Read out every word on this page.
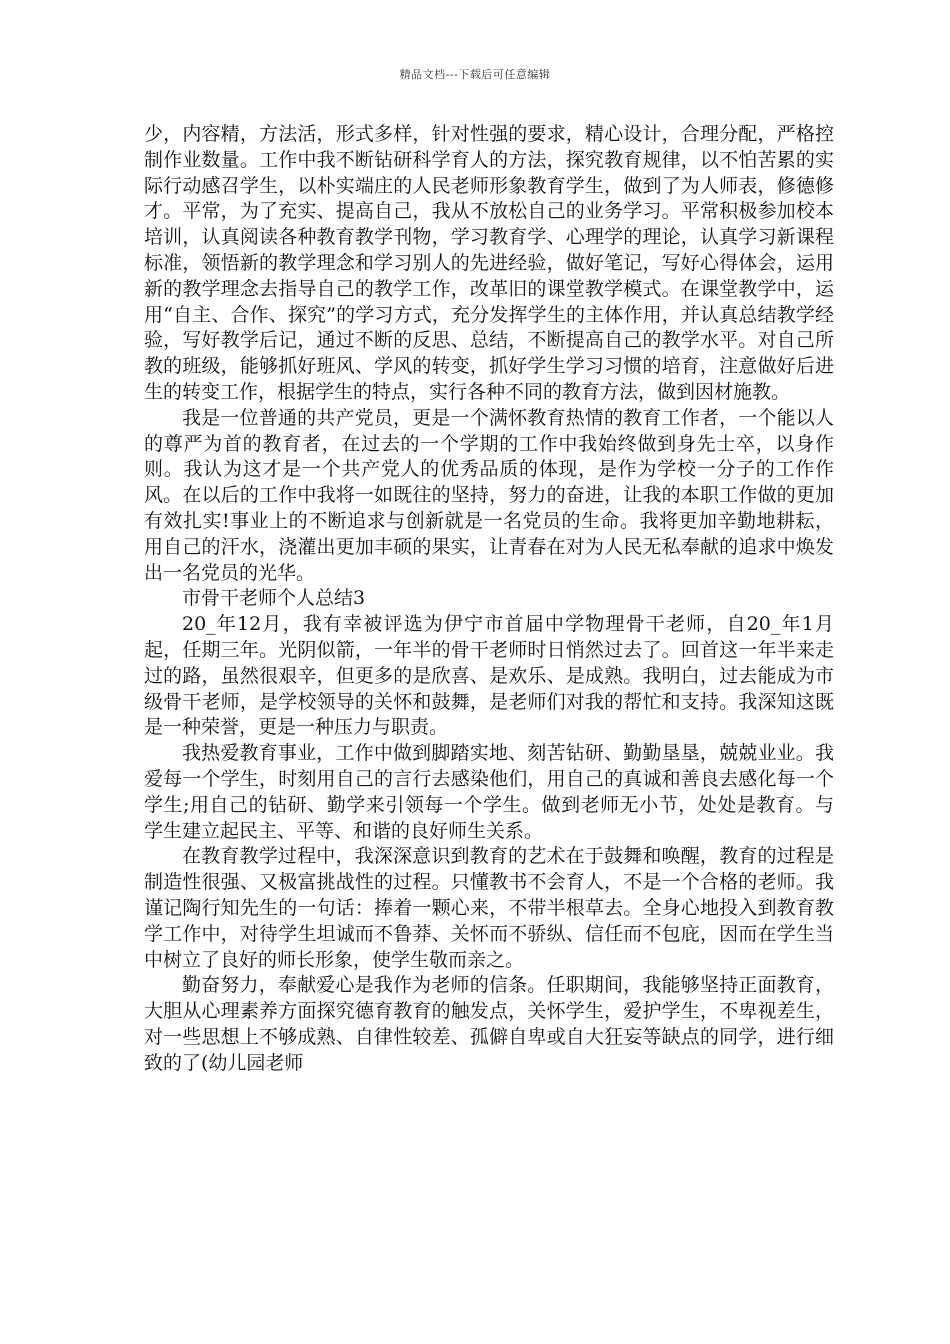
精品文档---下载后可任意编辑

少，内容精，方法活，形式多样，针对性强的要求，精心设计，合理分配，严格控制作业数量。工作中我不断钻研科学育人的方法，探究教育规律，以不怕苦累的实际行动感召学生，以朴实端庄的人民老师形象教育学生，做到了为人师表，修德修才。平常，为了充实、提高自己，我从不放松自己的业务学习。平常积极参加校本培训，认真阅读各种教育教学刊物，学习教育学、心理学的理论，认真学习新课程标准，领悟新的教学理念和学习别人的先进经验，做好笔记，写好心得体会，运用新的教学理念去指导自己的教学工作，改革旧的课堂教学模式。在课堂教学中，运用“自主、合作、探究”的学习方式，充分发挥学生的主体作用，并认真总结教学经验，写好教学后记，通过不断的反思、总结，不断提高自己的教学水平。对自己所教的班级，能够抓好班风、学风的转变，抓好学生学习习惯的培育，注意做好后进生的转变工作，根据学生的特点，实行各种不同的教育方法，做到因材施教。

我是一位普通的共产党员，更是一个满怀教育热情的教育工作者，一个能以人的尊严为首的教育者，在过去的一个学期的工作中我始终做到身先士卒，以身作则。我认为这才是一个共产党人的优秀品质的体现，是作为学校一分子的工作作风。在以后的工作中我将一如既往的坚持，努力的奋进，让我的本职工作做的更加有效扎实!事业上的不断追求与创新就是一名党员的生命。我将更加辛勤地耕耘，用自己的汗水，浇灌出更加丰硕的果实，让青春在对为人民无私奉献的追求中焕发出一名党员的光华。

市骨干老师个人总结3

20_年12月，我有幸被评选为伊宁市首届中学物理骨干老师，自20_年1月起，任期三年。光阴似箭，一年半的骨干老师时日悄然过去了。回首这一年半来走过的路，虽然很艰辛，但更多的是欣喜、是欢乐、是成熟。我明白，过去能成为市级骨干老师，是学校领导的关怀和鼓舞，是老师们对我的帮忙和支持。我深知这既是一种荣誉，更是一种压力与职责。

我热爱教育事业，工作中做到脚踏实地、刻苦钻研、勤勤垦垦，兢兢业业。我爱每一个学生，时刻用自己的言行去感染他们，用自己的真诚和善良去感化每一个学生;用自己的钻研、勤学来引领每一个学生。做到老师无小节，处处是教育。与学生建立起民主、平等、和谐的良好师生关系。

在教育教学过程中，我深深意识到教育的艺术在于鼓舞和唤醒，教育的过程是制造性很强、又极富挑战性的过程。只懂教书不会育人，不是一个合格的老师。我谨记陶行知先生的一句话：捧着一颗心来，不带半根草去。全身心地投入到教育教学工作中，对待学生坦诚而不鲁莽、关怀而不骄纵、信任而不包庇，因而在学生当中树立了良好的师长形象，使学生敬而亲之。

勤奋努力，奉献爱心是我作为老师的信条。任职期间，我能够坚持正面教育，大胆从心理素养方面探究德育教育的触发点，关怀学生，爱护学生，不卑视差生，对一些思想上不够成熟、自律性较差、孤僻自卑或自大狂妄等缺点的同学，进行细致的了(幼儿园老师
